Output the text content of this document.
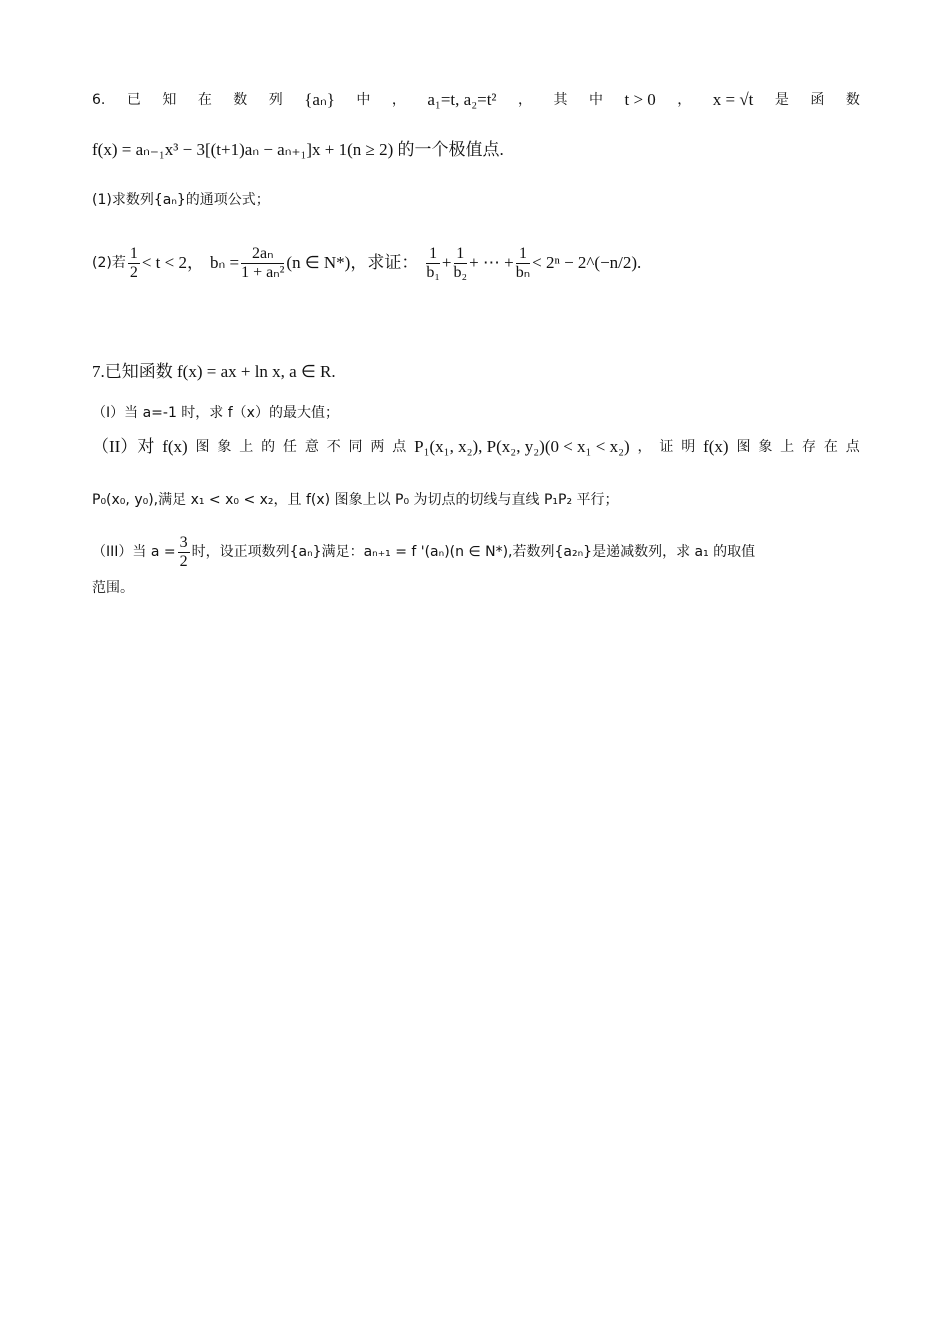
6. 已 知 在 数 列 {aₙ} 中 ， a₁=t, a₂=t² ， 其 中 t > 0 ， x = √t 是 函 数
f(x) = aₙ₋₁x³ − 3[(t+1)aₙ − aₙ₊₁]x + 1(n ≥ 2) 的一个极值点.
(1)求数列{aₙ}的通项公式；
(2)若 $\frac{1}{2} < t < 2$， $b_n = \frac{\text{2aₙ}}{\text{1 + aₙ²}} (n$ ∈ N*)，求证： $\frac{1}{\text{b₁}} + \frac{1}{\text{b₂}}$ + ⋯ + $\frac{1}{\text{bₙ}} < 2^n$ − 2^(−n/2).
7.已知函数 f(x) = ax + ln x, a ∈ R.
（I）当 a=-1 时，求 f（x）的最大值；
（II）对 f(x) 图 象 上 的 任 意 不 同 两 点 P₁(x₁, x₂), P(x₂, y₂)(0 < x₁ < x₂) ， 证 明 f(x) 图 象 上 存 在 点
P₀(x₀, y₀),满足 x₁ < x₀ < x₂，且 f(x) 图象上以 P₀ 为切点的切线与直线 P₁P₂ 平行；
（III）当 $a = \frac{3}{2}$ 时，设正项数列{aₙ}满足：aₙ₊₁ = f '(aₙ)(n ∈ N*),若数列{a₂ₙ}是递减数列，求 a₁ 的取值
范围。
